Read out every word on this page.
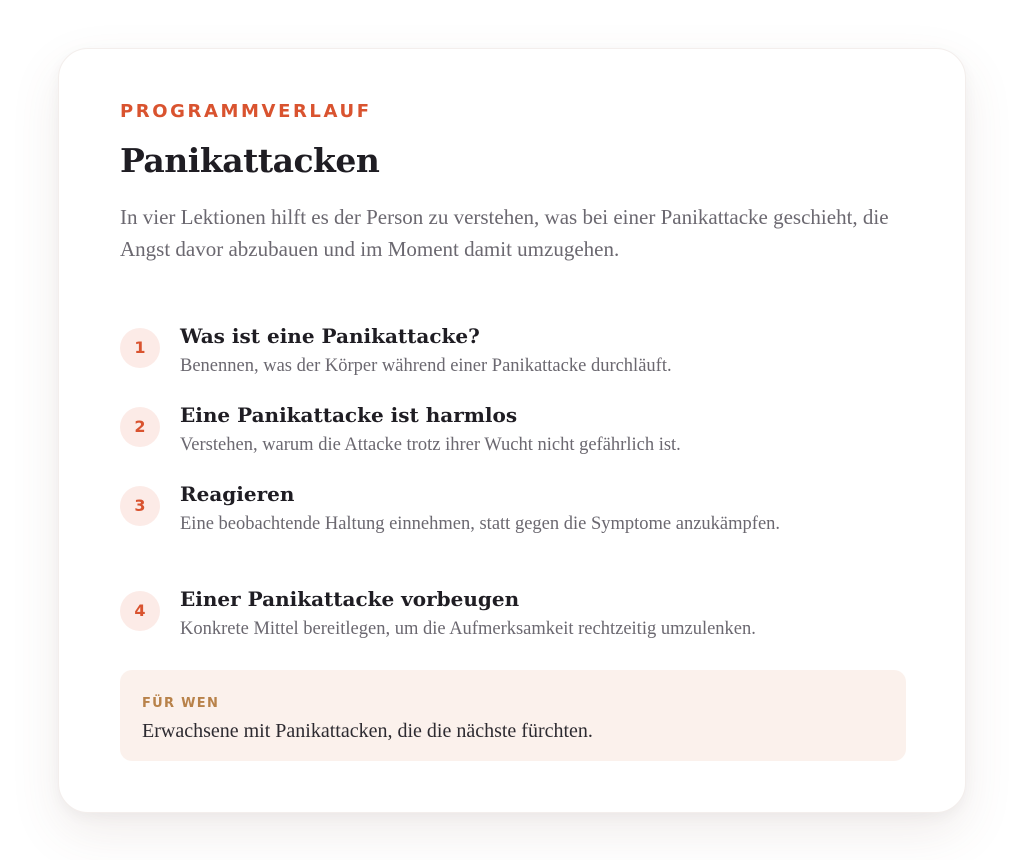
PROGRAMMVERLAUF

Panikattacken

In vier Lektionen hilft es der Person zu verstehen, was bei einer Panikattacke geschieht, die Angst davor abzubauen und im Moment damit umzugehen.

1	Was ist eine Panikattacke?

Benennen, was der Körper während einer Panikattacke durchläuft.

2	Eine Panikattacke ist harmlos

Verstehen, warum die Attacke trotz ihrer Wucht nicht gefährlich ist.

3	Reagieren

Eine beobachtende Haltung einnehmen, statt gegen die Symptome anzukämpfen.

4	Einer Panikattacke vorbeugen

Konkrete Mittel bereitlegen, um die Aufmerksamkeit rechtzeitig umzulenken.

FÜR WEN

Erwachsene mit Panikattacken, die die nächste fürchten.
